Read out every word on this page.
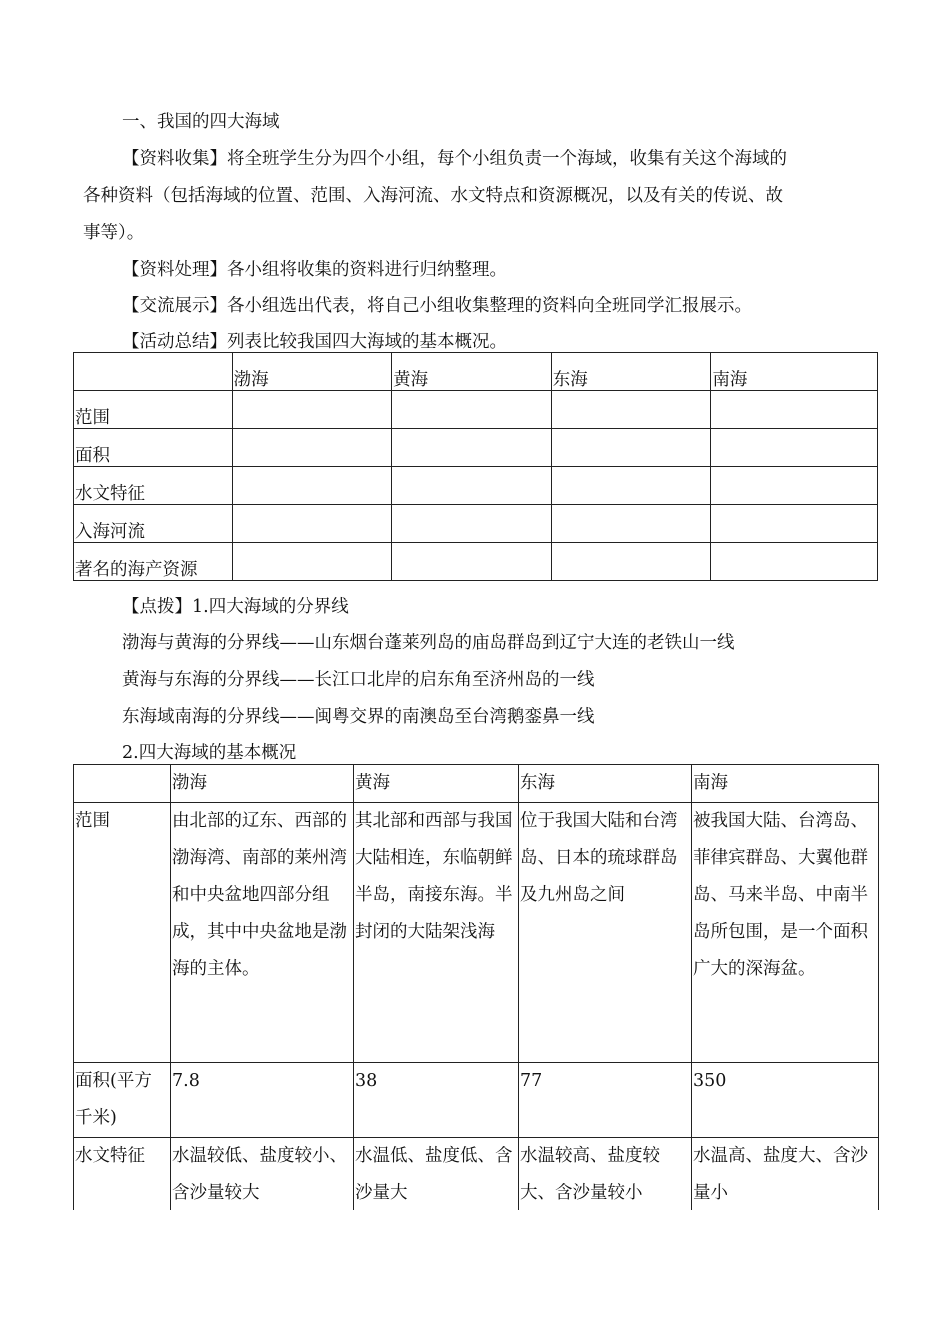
一、我国的四大海域

【资料收集】将全班学生分为四个小组，每个小组负责一个海域，收集有关这个海域的

各种资料（包括海域的位置、范围、入海河流、水文特点和资源概况，以及有关的传说、故

事等）。

【资料处理】各小组将收集的资料进行归纳整理。

【交流展示】各小组选出代表，将自己小组收集整理的资料向全班同学汇报展示。

【活动总结】列表比较我国四大海域的基本概况。

	渤海	黄海	东海	南海

范围				

面积				

水文特征				

入海河流				

著名的海产资源				

【点拨】1.四大海域的分界线

渤海与黄海的分界线——山东烟台蓬莱列岛的庙岛群岛到辽宁大连的老铁山一线

黄海与东海的分界线——长江口北岸的启东角至济州岛的一线

东海域南海的分界线——闽粤交界的南澳岛至台湾鹅銮鼻一线

2.四大海域的基本概况

	渤海	黄海	东海	南海

范围	由北部的辽东、西部的渤海湾、南部的莱州湾和中央盆地四部分组成，其中中央盆地是渤海的主体。	其北部和西部与我国大陆相连，东临朝鲜半岛，南接东海。半封闭的大陆架浅海	位于我国大陆和台湾岛、日本的琉球群岛及九州岛之间	被我国大陆、台湾岛、菲律宾群岛、大翼他群岛、马来半岛、中南半岛所包围，是一个面积广大的深海盆。

面积(平方千米)	7.8	38	77	350

水文特征	水温较低、盐度较小、含沙量较大	水温低、盐度低、含沙量大	水温较高、盐度较大、含沙量较小	水温高、盐度大、含沙量小
